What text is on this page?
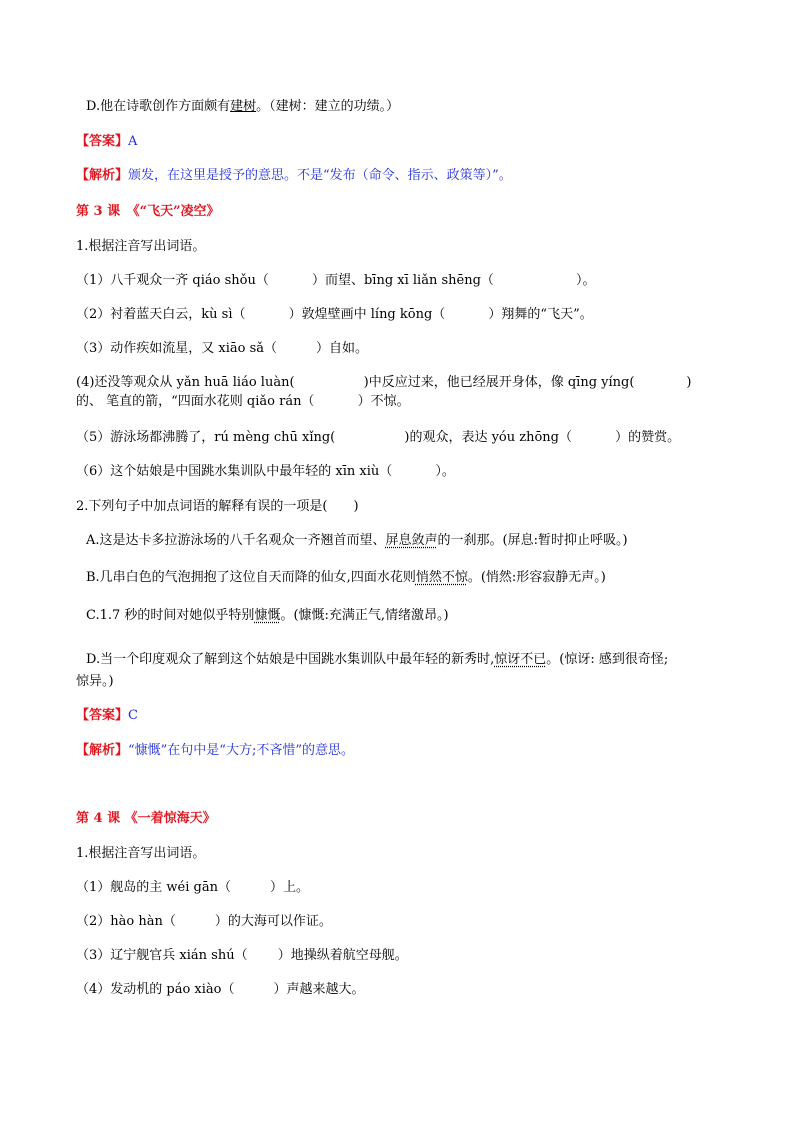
D.他在诗歌创作方面颇有建树。（建树：建立的功绩。）
【答案】A
【解析】颁发，在这里是授予的意思。不是“发布（命令、指示、政策等）”。
第 3 课　《“飞天”凌空》
1.根据注音写出词语。
（1）八千观众一齐 qiáo shǒu（　　　 ）而望、bīng xī liǎn shēng（　　　　　　 ）。
（2）衬着蓝天白云，kù sì（　　　 ）敦煌壁画中 líng kōng（　　　 ）翔舞的“飞天”。
（3）动作疾如流星，又 xiāo sǎ（　　　）自如。
(4)还没等观众从 yǎn huā liáo luàn(　　　　　 )中反应过来，他已经展开身体，像 qīng yíng(　　　　)
的、 笔直的箭，“四面水花则 qiǎo rán（　　　 ）不惊。
（5）游泳场都沸腾了，rú mèng chū xǐng(　　　　　 )的观众，表达 yóu zhōng（　　　 ）的赞赏。
（6）这个姑娘是中国跳水集训队中最年轻的 xīn xiù（　　　 ）。
2.下列句子中加点词语的解释有误的一项是(　　)
A.这是达卡多拉游泳场的八千名观众一齐翘首而望、屏息敛声的一刹那。(屏息:暂时抑止呼吸。)
B.几串白色的气泡拥抱了这位自天而降的仙女,四面水花则悄然不惊。(悄然:形容寂静无声。)
C.1.7 秒的时间对她似乎特别慷慨。(慷慨:充满正气,情绪激昂。)
D.当一个印度观众了解到这个姑娘是中国跳水集训队中最年轻的新秀时,惊讶不已。(惊讶: 感到很奇怪;
惊异。)
【答案】C
【解析】“慷慨”在句中是“大方;不吝惜”的意思。
第 4 课 《一着惊海天》
1.根据注音写出词语。
（1）舰岛的主 wéi gān（　　　）上。
（2）hào hàn（　　　）的大海可以作证。
（3）辽宁舰官兵 xián shú（　　 ）地操纵着航空母舰。
（4）发动机的 páo xiào（　　　）声越来越大。
